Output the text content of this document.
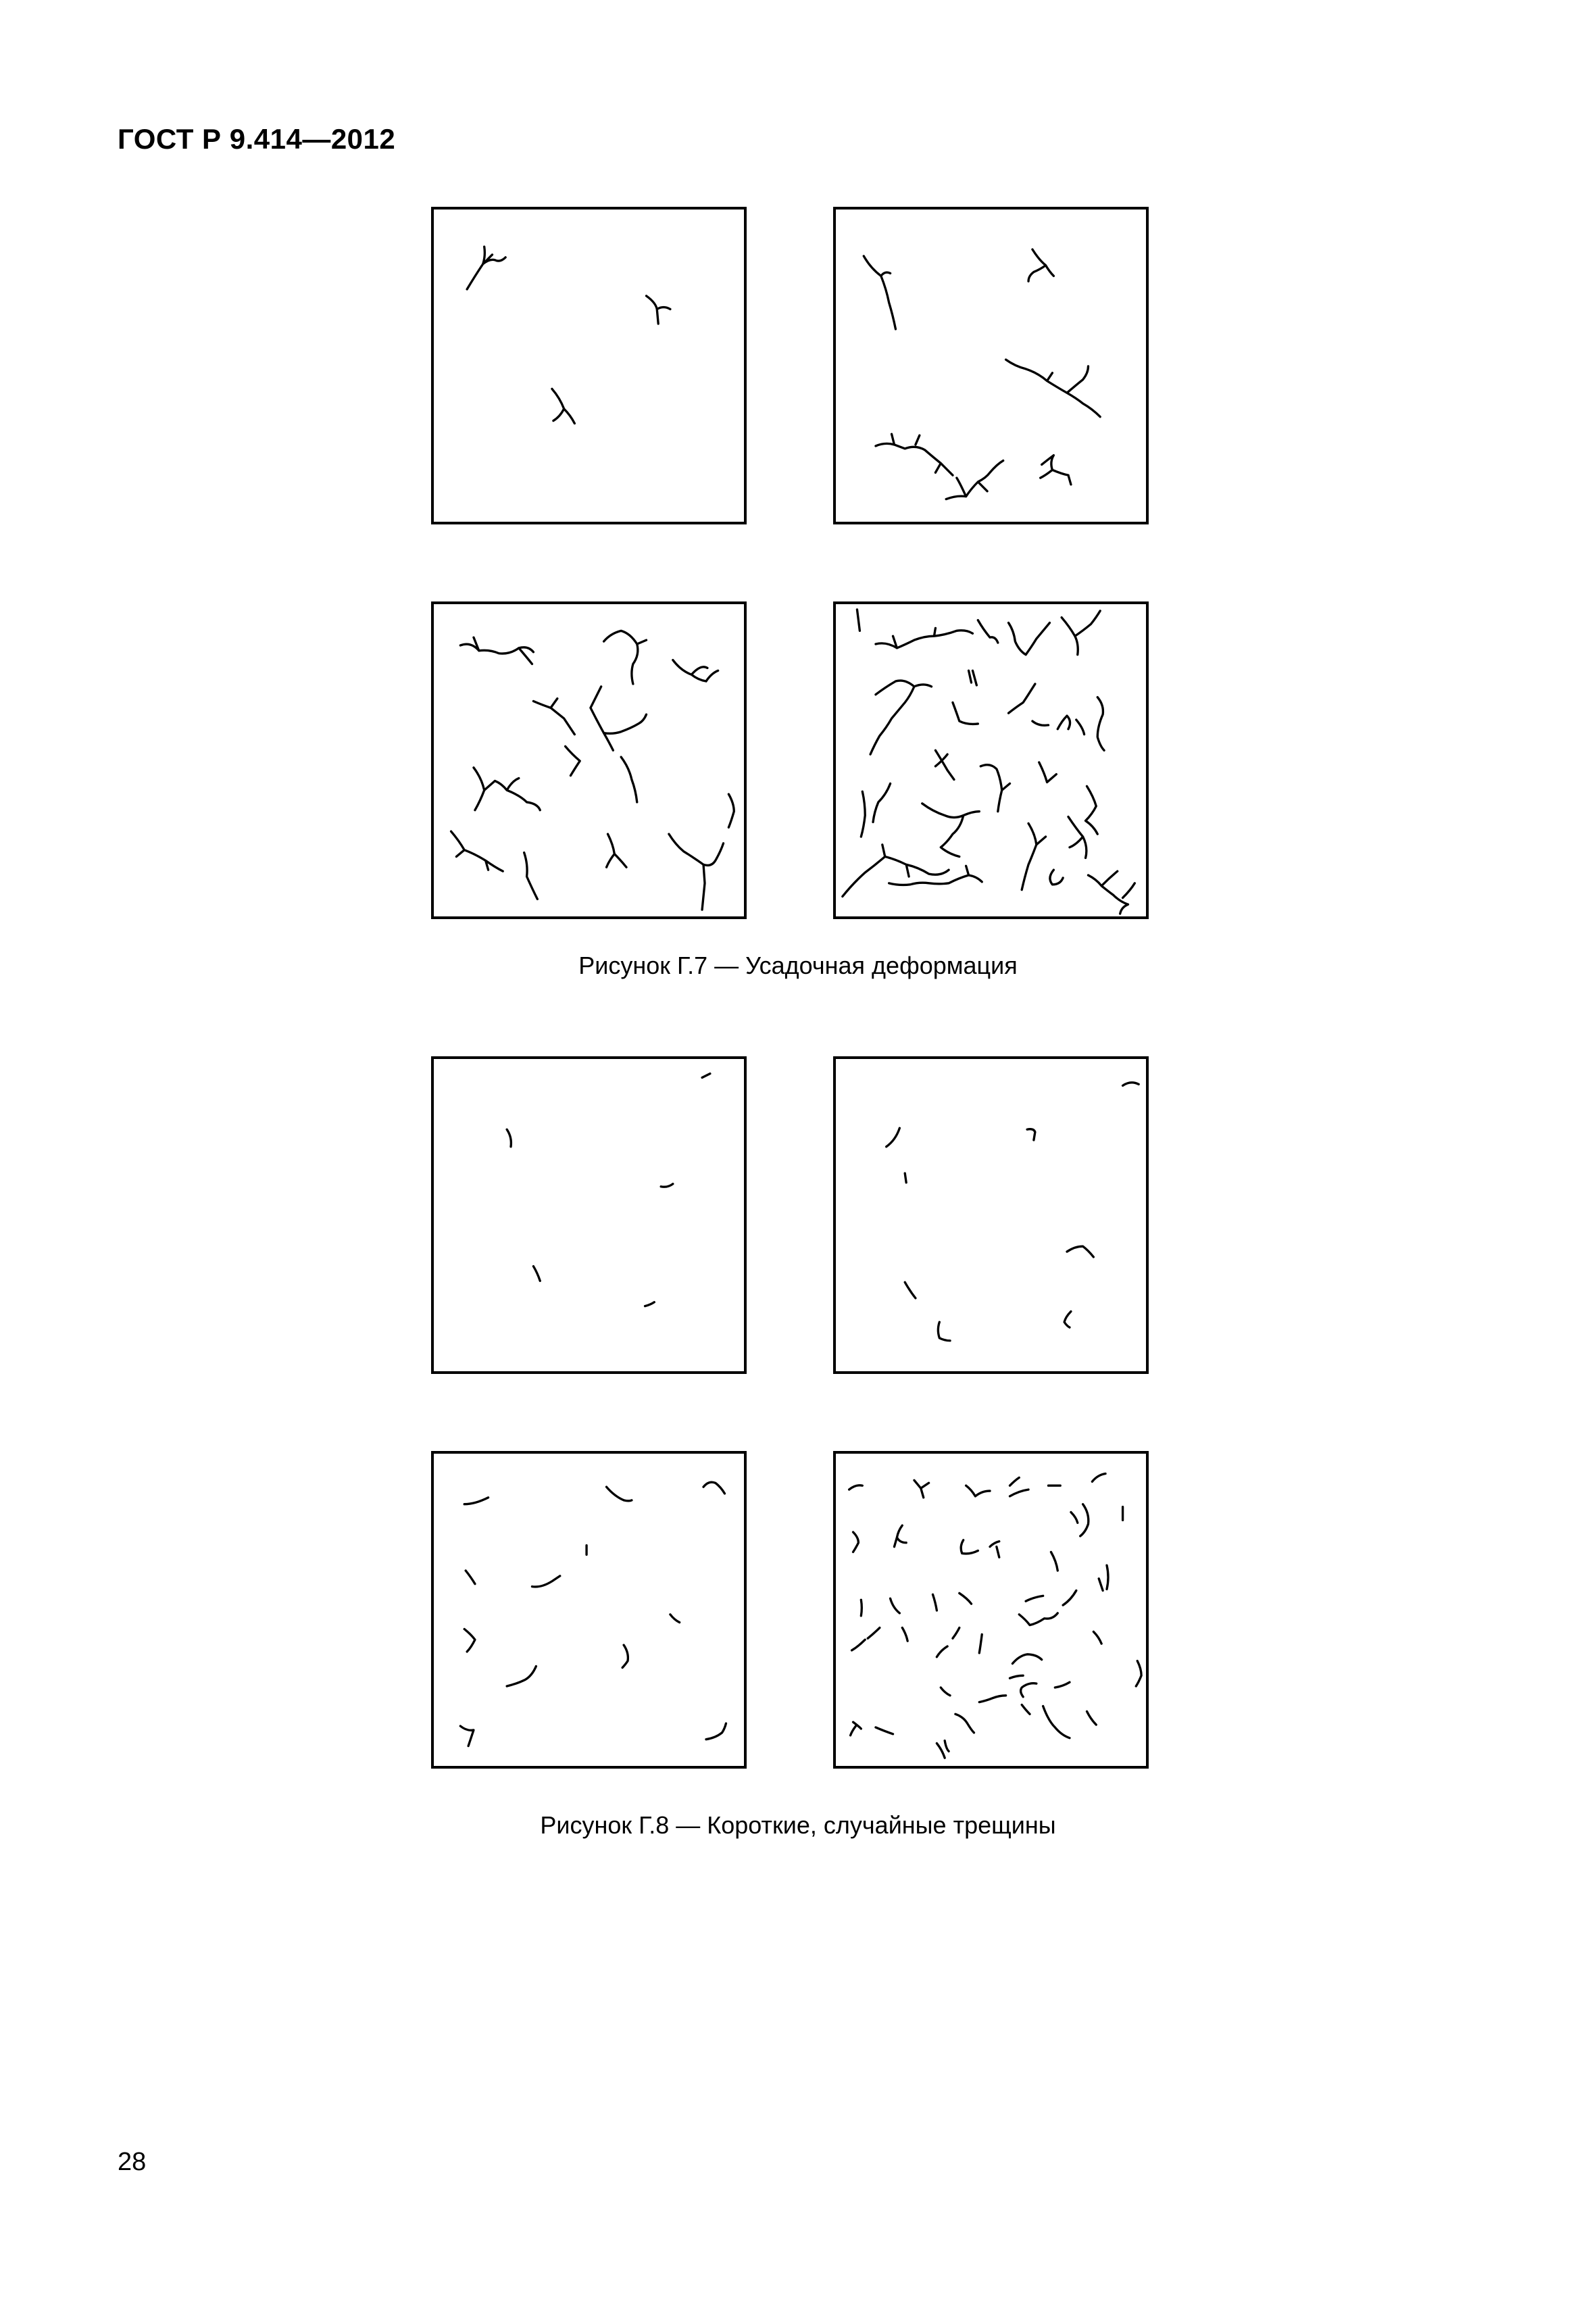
ГОСТ Р 9.414—2012
Рисунок Г.7 — Усадочная деформация
Рисунок Г.8 — Короткие, случайные трещины
28
